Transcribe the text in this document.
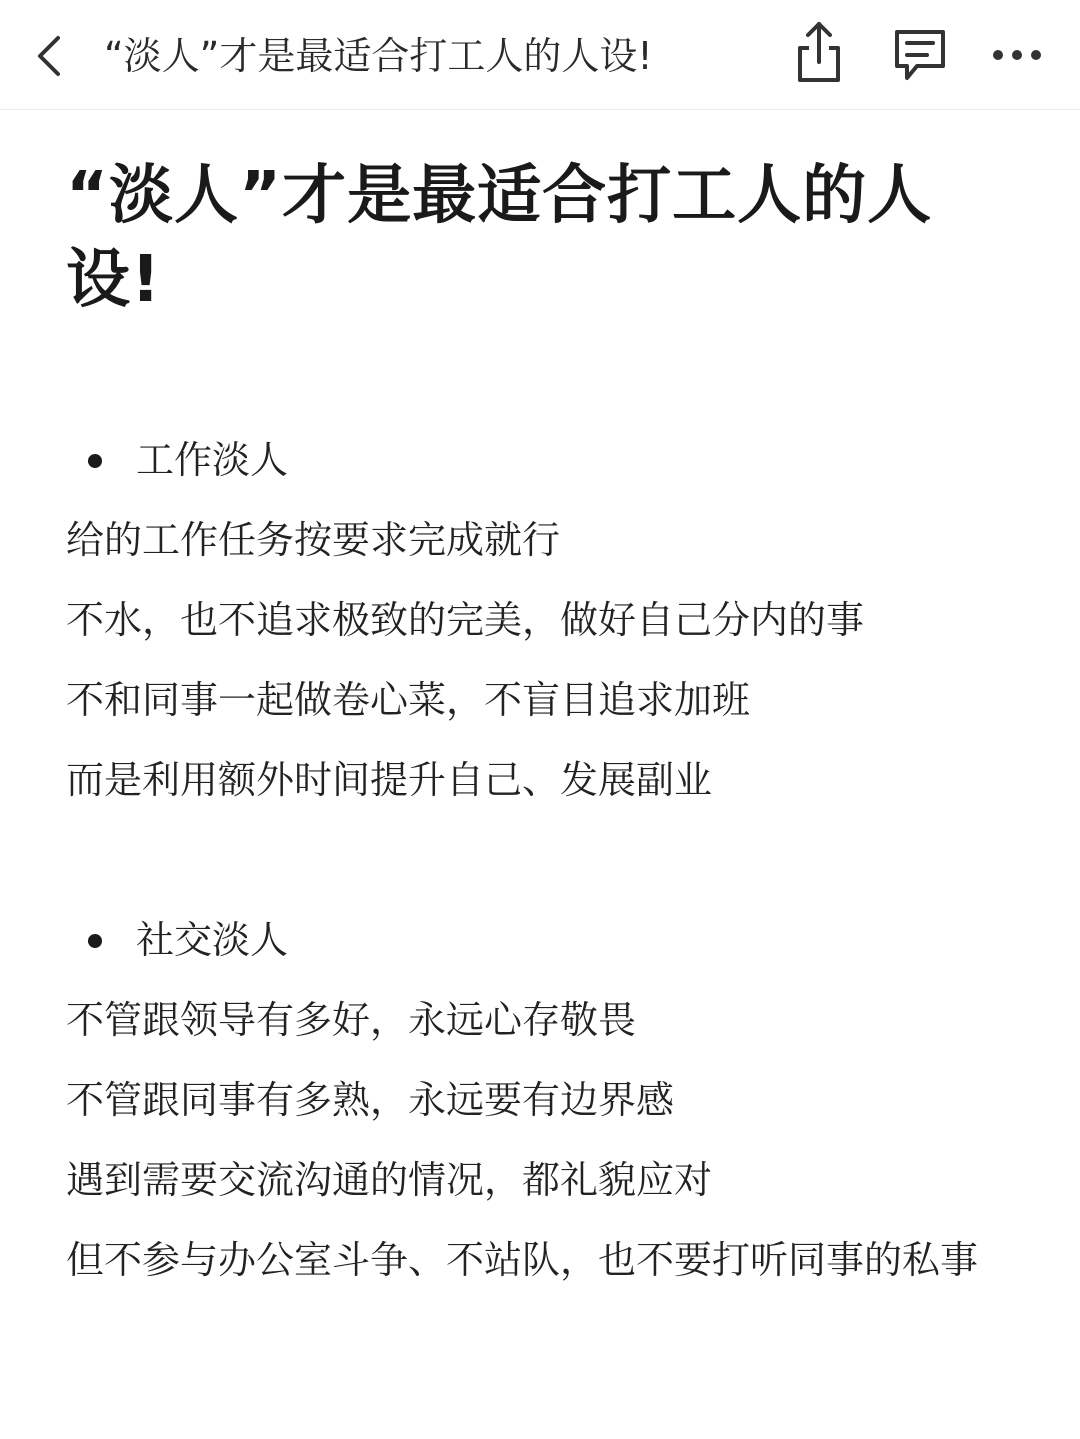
“淡人”才是最适合打工人的人设!
“淡人”才是最适合打工人的人设!
工作淡人
给的工作任务按要求完成就行
不水，也不追求极致的完美，做好自己分内的事
不和同事一起做卷心菜，不盲目追求加班
而是利用额外时间提升自己、发展副业
社交淡人
不管跟领导有多好，永远心存敬畏
不管跟同事有多熟，永远要有边界感
遇到需要交流沟通的情况，都礼貌应对
但不参与办公室斗争、不站队，也不要打听同事的私事
